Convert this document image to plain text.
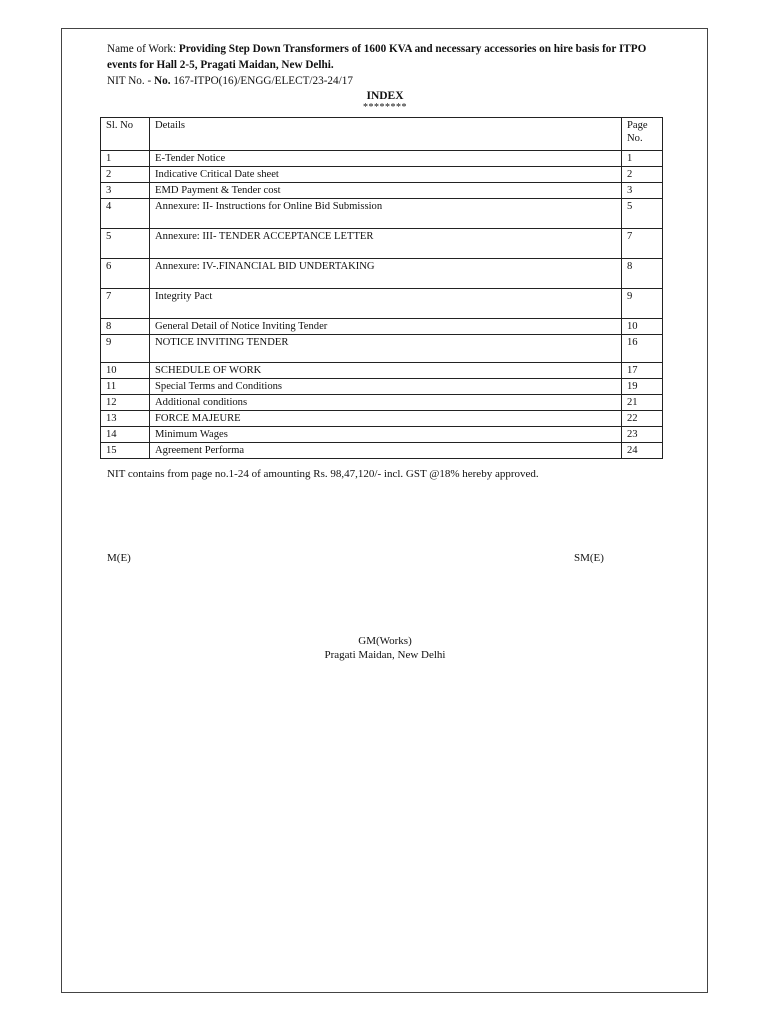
Name of Work: Providing Step Down Transformers of 1600 KVA and necessary accessories on hire basis for ITPO events for Hall 2-5, Pragati Maidan, New Delhi.
NIT No. - No. 167-ITPO(16)/ENGG/ELECT/23-24/17
INDEX
********
Sl. No	Details	Page No.
1	E-Tender Notice	1
2	Indicative Critical Date sheet	2
3	EMD Payment & Tender cost	3
4	Annexure: II- Instructions for Online Bid Submission	5
5	Annexure: III- TENDER ACCEPTANCE LETTER	7
6	Annexure: IV-.FINANCIAL BID UNDERTAKING	8
7	Integrity Pact	9
8	General Detail of Notice Inviting Tender	10
9	NOTICE INVITING TENDER	16
10	SCHEDULE OF WORK	17
11	Special Terms and Conditions	19
12	Additional conditions	21
13	FORCE MAJEURE	22
14	Minimum Wages	23
15	Agreement Performa	24
NIT contains from page no.1-24 of amounting Rs. 98,47,120/- incl. GST @18% hereby approved.
M(E)	SM(E)
GM(Works)
Pragati Maidan, New Delhi
